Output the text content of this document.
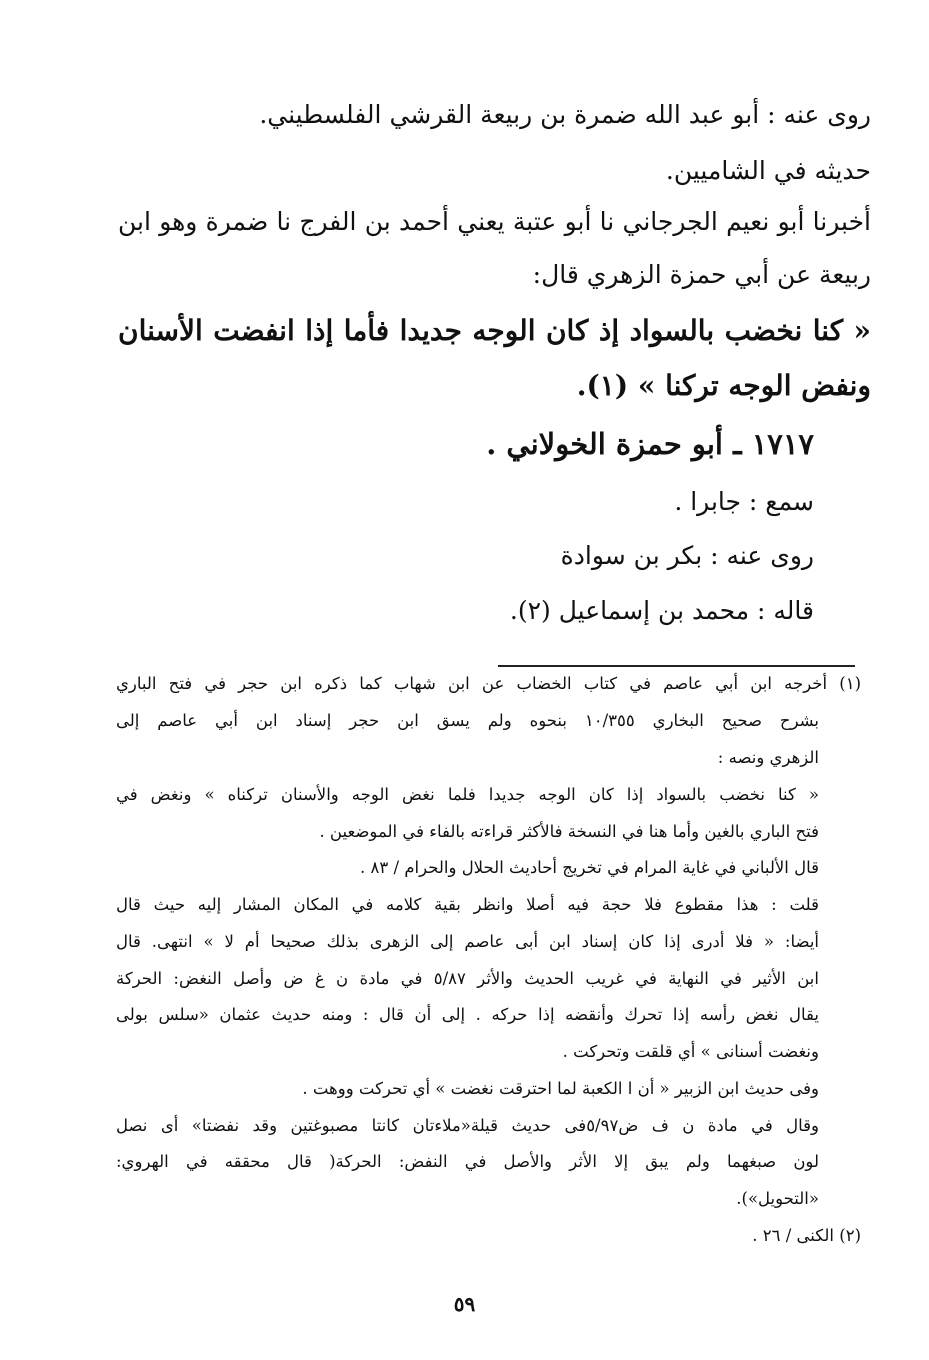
روى عنه : أبو عبد الله ضمرة بن ربيعة القرشي الفلسطيني.
حديثه في الشاميين.
أخبرنا أبو نعيم الجرجاني نا أبو عتبة يعني أحمد بن الفرج نا ضمرة وهو ابن
ربيعة عن أبي حمزة الزهري قال:
« كنا نخضب بالسواد إذ كان الوجه جديدا فأما إذا انفضت الأسنان
ونفض الوجه تركنا » (١).
١٧١٧ ـ أبو حمزة الخولاني .
سمع : جابرا .
روى عنه : بكر بن سوادة
قاله : محمد بن إسماعيل (٢).
(١) أخرجه ابن أبي عاصم في كتاب الخضاب عن ابن شهاب كما ذكره ابن حجر في فتح الباري
بشرح صحيح البخاري ١٠/٣٥٥ بنحوه ولم يسق ابن حجر إسناد ابن أبي عاصم إلى
الزهري ونصه :
« كنا نخضب بالسواد إذا كان الوجه جديدا فلما نغض الوجه والأسنان تركناه » ونغض في
فتح الباري بالغين وأما هنا في النسخة فالأكثر قراءته بالفاء في الموضعين .
قال الألباني في غاية المرام في تخريج أحاديث الحلال والحرام / ٨٣ .
قلت : هذا مقطوع فلا حجة فيه أصلا وانظر بقية كلامه في المكان المشار إليه حيث قال
أيضا: « فلا أدرى إذا كان إسناد ابن أبى عاصم إلى الزهرى بذلك صحيحا أم لا » انتهى. قال
ابن الأثير في النهاية في غريب الحديث والأثر ٥/٨٧ في مادة ن غ ض وأصل النغض: الحركة
يقال نغض رأسه إذا تحرك وأنقضه إذا حركه . إلى أن قال : ومنه حديث عثمان «سلس بولى
ونغضت أسنانى » أي قلقت وتحركت .
وفى حديث ابن الزبير « أن ا الكعبة لما احترقت نغضت » أي تحركت ووهت .
وقال في مادة ن ف ض٥/٩٧فى حديث قيلة«ملاءتان كانتا مصبوغتين وقد نفضتا» أى نصل
لون صبغهما ولم يبق إلا الأثر والأصل في النفض: الحركة( قال محققه في الهروي:
«التحويل»).
(٢) الكنى / ٢٦ .
٥٩
